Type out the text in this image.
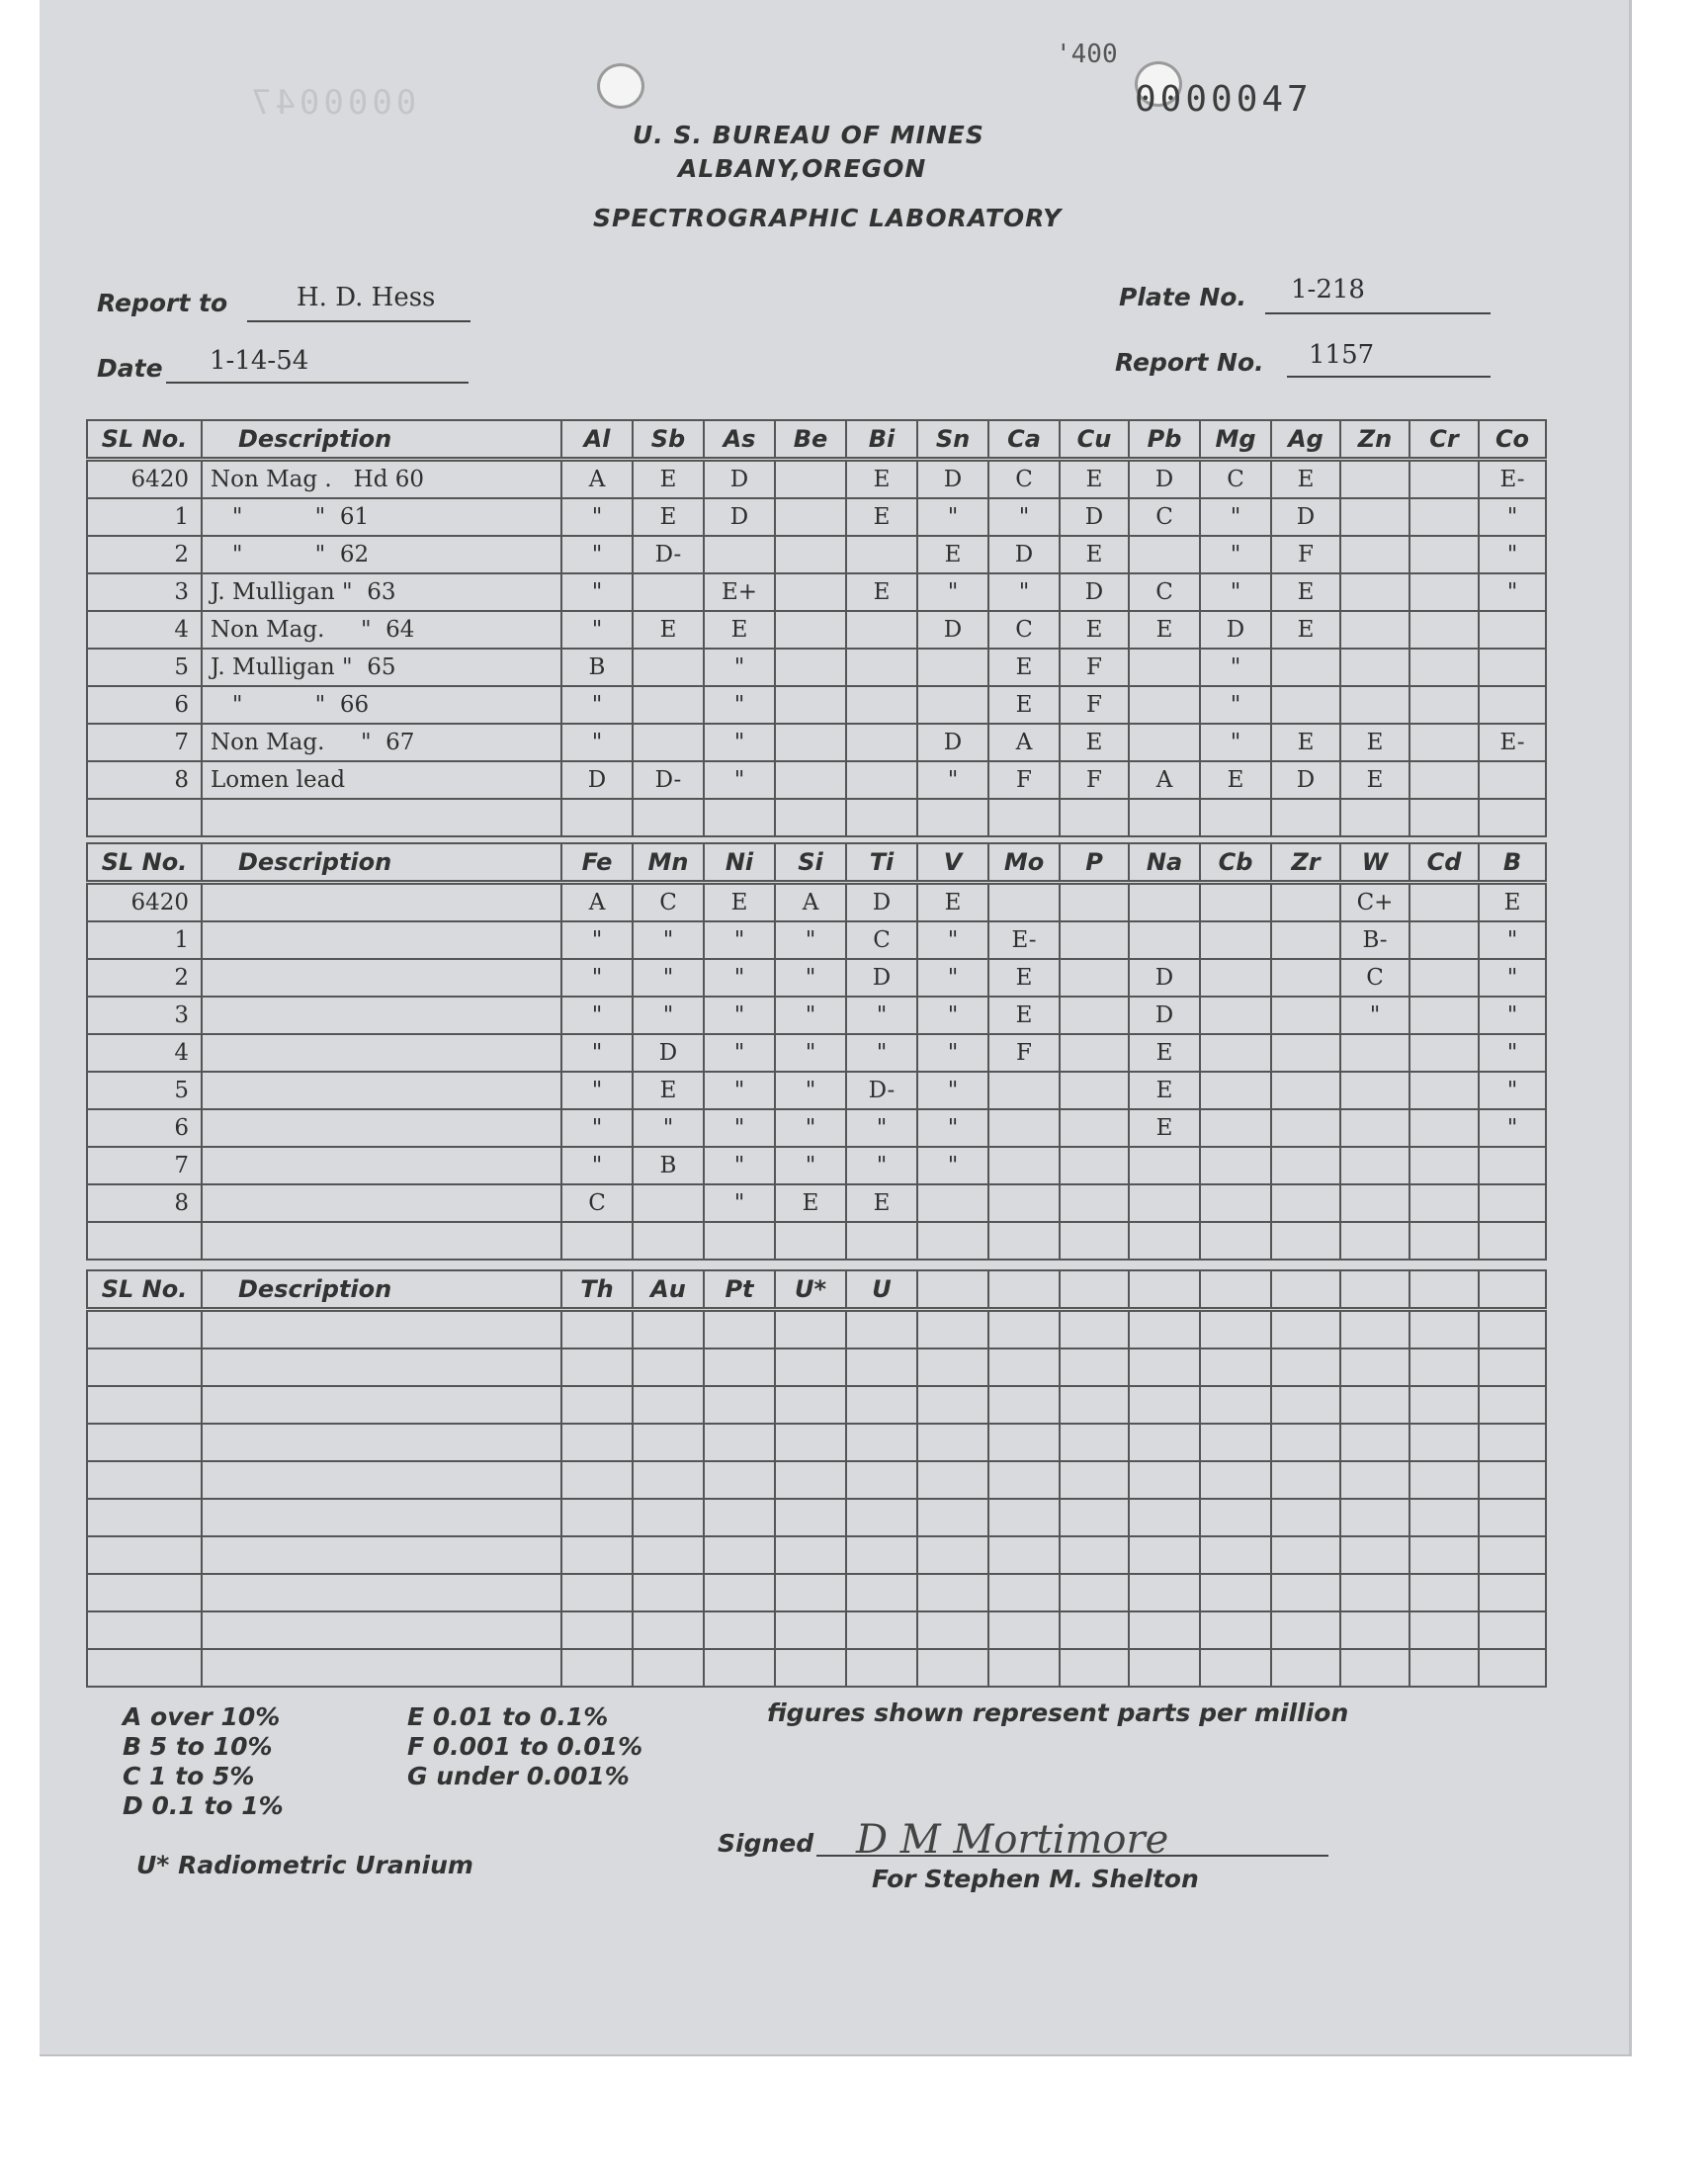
0000047
'400
0000047
U. S. BUREAU OF MINES
ALBANY,OREGON
SPECTROGRAPHIC LABORATORY
Report to	H. D. Hess
Date 1-14-54
Plate No. 1-218
Report No. 1157
SL No.	Description	Al	Sb	As	Be	Bi	Sn	Ca	Cu	Pb	Mg	Ag	Zn	Cr	Co
6420	Non Mag .   Hd 60	A	E	D		E	D	C	E	D	C	E			E-
1	"          "  61	"	E	D		E	"	"	D	C	"	D			"
2	"          "  62	"	D-				E	D	E		"	F			"
3	J. Mulligan "  63	"		E+		E	"	"	D	C	"	E			"
4	Non Mag.     "  64	"	E	E			D	C	E	E	D	E			
5	J. Mulligan "  65	B		"				E	F		"				
6	"          "  66	"		"				E	F		"				
7	Non Mag.     "  67	"		"			D	A	E		"	E	E		E-
8	Lomen lead	D	D-	"			"	F	F	A	E	D	E		

SL No.	Description	Fe	Mn	Ni	Si	Ti	V	Mo	P	Na	Cb	Zr	W	Cd	B
6420		A	C	E	A	D	E						C+		E
1		"	"	"	"	C	"	E-					B-		"
2		"	"	"	"	D	"	E		D			C		"
3		"	"	"	"	"	"	E		D			"		"
4		"	D	"	"	"	"	F		E					"
5		"	E	"	"	D-	"			E					"
6		"	"	"	"	"	"			E					"
7		"	B	"	"	"	"								
8		C		"	E	E									

SL No.	Description	Th	Au	Pt	U*	U									

A over 10%
B 5 to 10%
C 1 to 5%
D 0.1 to 1%
E 0.01 to 0.1%
F 0.001 to 0.01%
G under 0.001%
figures shown represent parts per million
U* Radiometric Uranium
Signed D M Mortimore
For Stephen M. Shelton
